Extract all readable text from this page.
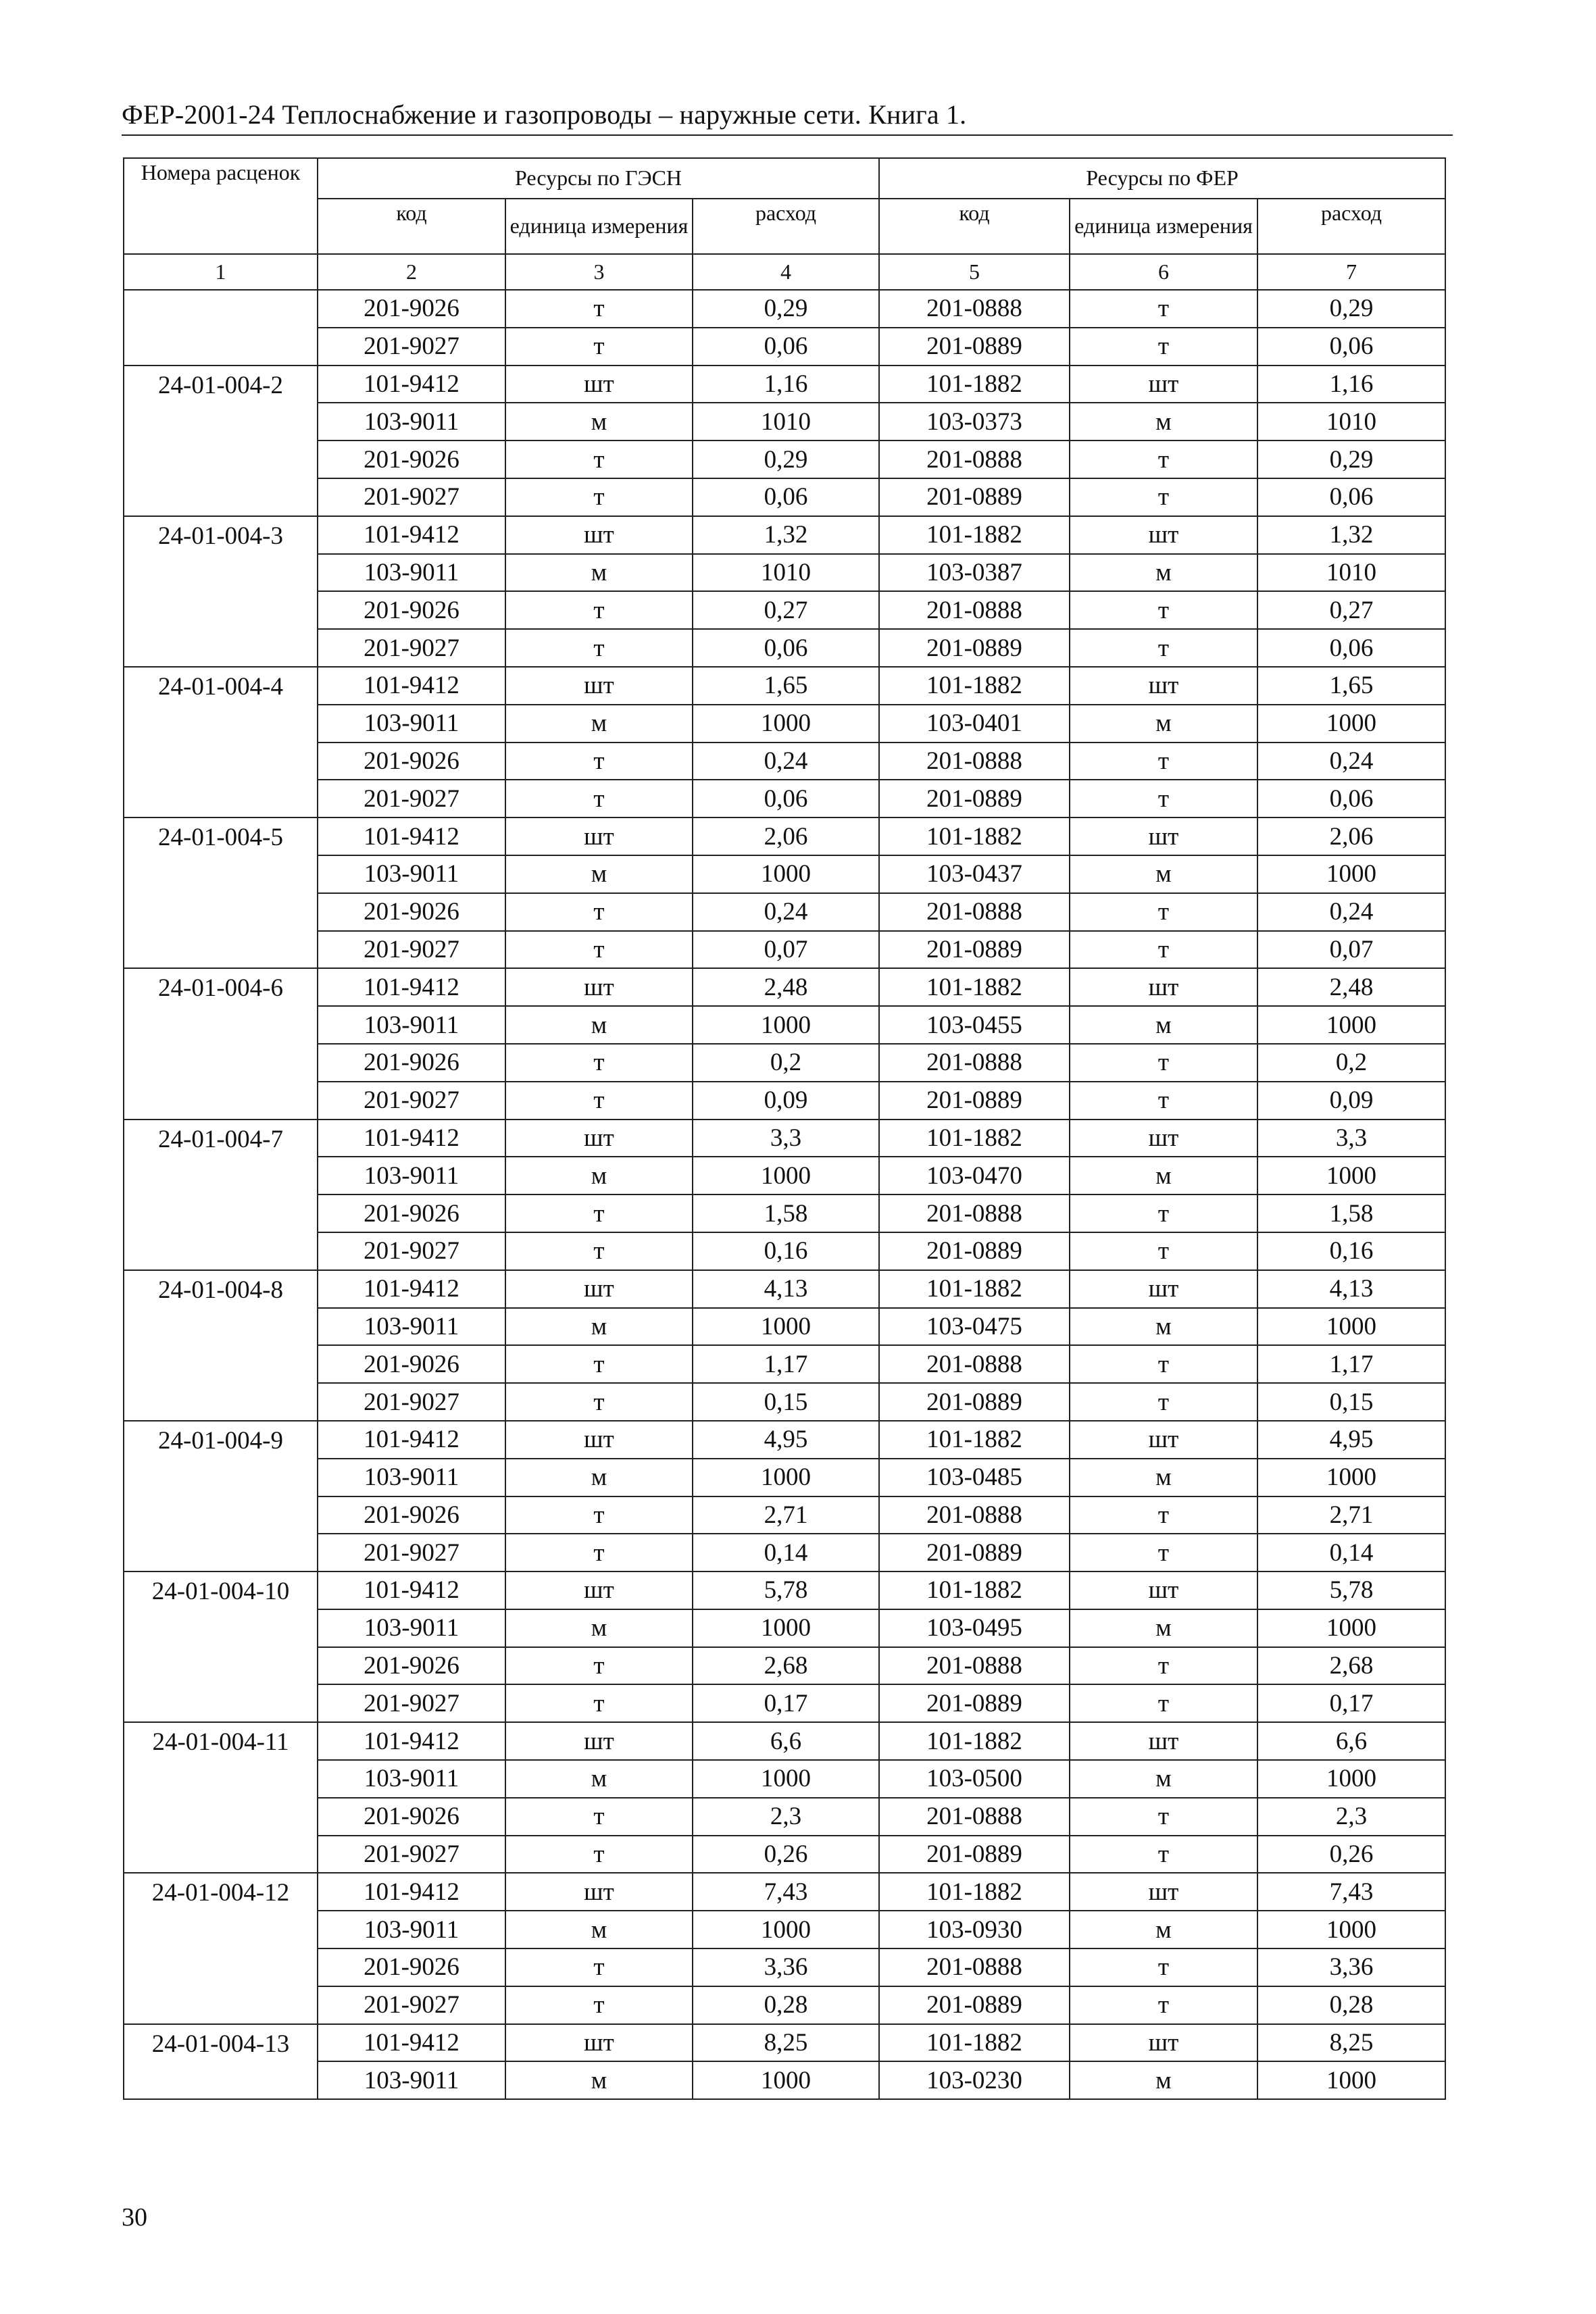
ФЕР-2001-24 Теплоснабжение и газопроводы – наружные сети. Книга 1.
Номера расценок	Ресурсы по ГЭСН			Ресурсы по ФЕР		
	код	единица измерения	расход	код	единица измерения	расход
1	2	3	4	5	6	7
	201-9026	т	0,29	201-0888	т	0,29
	201-9027	т	0,06	201-0889	т	0,06
24-01-004-2	101-9412	шт	1,16	101-1882	шт	1,16
	103-9011	м	1010	103-0373	м	1010
	201-9026	т	0,29	201-0888	т	0,29
	201-9027	т	0,06	201-0889	т	0,06
24-01-004-3	101-9412	шт	1,32	101-1882	шт	1,32
	103-9011	м	1010	103-0387	м	1010
	201-9026	т	0,27	201-0888	т	0,27
	201-9027	т	0,06	201-0889	т	0,06
24-01-004-4	101-9412	шт	1,65	101-1882	шт	1,65
	103-9011	м	1000	103-0401	м	1000
	201-9026	т	0,24	201-0888	т	0,24
	201-9027	т	0,06	201-0889	т	0,06
24-01-004-5	101-9412	шт	2,06	101-1882	шт	2,06
	103-9011	м	1000	103-0437	м	1000
	201-9026	т	0,24	201-0888	т	0,24
	201-9027	т	0,07	201-0889	т	0,07
24-01-004-6	101-9412	шт	2,48	101-1882	шт	2,48
	103-9011	м	1000	103-0455	м	1000
	201-9026	т	0,2	201-0888	т	0,2
	201-9027	т	0,09	201-0889	т	0,09
24-01-004-7	101-9412	шт	3,3	101-1882	шт	3,3
	103-9011	м	1000	103-0470	м	1000
	201-9026	т	1,58	201-0888	т	1,58
	201-9027	т	0,16	201-0889	т	0,16
24-01-004-8	101-9412	шт	4,13	101-1882	шт	4,13
	103-9011	м	1000	103-0475	м	1000
	201-9026	т	1,17	201-0888	т	1,17
	201-9027	т	0,15	201-0889	т	0,15
24-01-004-9	101-9412	шт	4,95	101-1882	шт	4,95
	103-9011	м	1000	103-0485	м	1000
	201-9026	т	2,71	201-0888	т	2,71
	201-9027	т	0,14	201-0889	т	0,14
24-01-004-10	101-9412	шт	5,78	101-1882	шт	5,78
	103-9011	м	1000	103-0495	м	1000
	201-9026	т	2,68	201-0888	т	2,68
	201-9027	т	0,17	201-0889	т	0,17
24-01-004-11	101-9412	шт	6,6	101-1882	шт	6,6
	103-9011	м	1000	103-0500	м	1000
	201-9026	т	2,3	201-0888	т	2,3
	201-9027	т	0,26	201-0889	т	0,26
24-01-004-12	101-9412	шт	7,43	101-1882	шт	7,43
	103-9011	м	1000	103-0930	м	1000
	201-9026	т	3,36	201-0888	т	3,36
	201-9027	т	0,28	201-0889	т	0,28
24-01-004-13	101-9412	шт	8,25	101-1882	шт	8,25
	103-9011	м	1000	103-0230	м	1000
30
